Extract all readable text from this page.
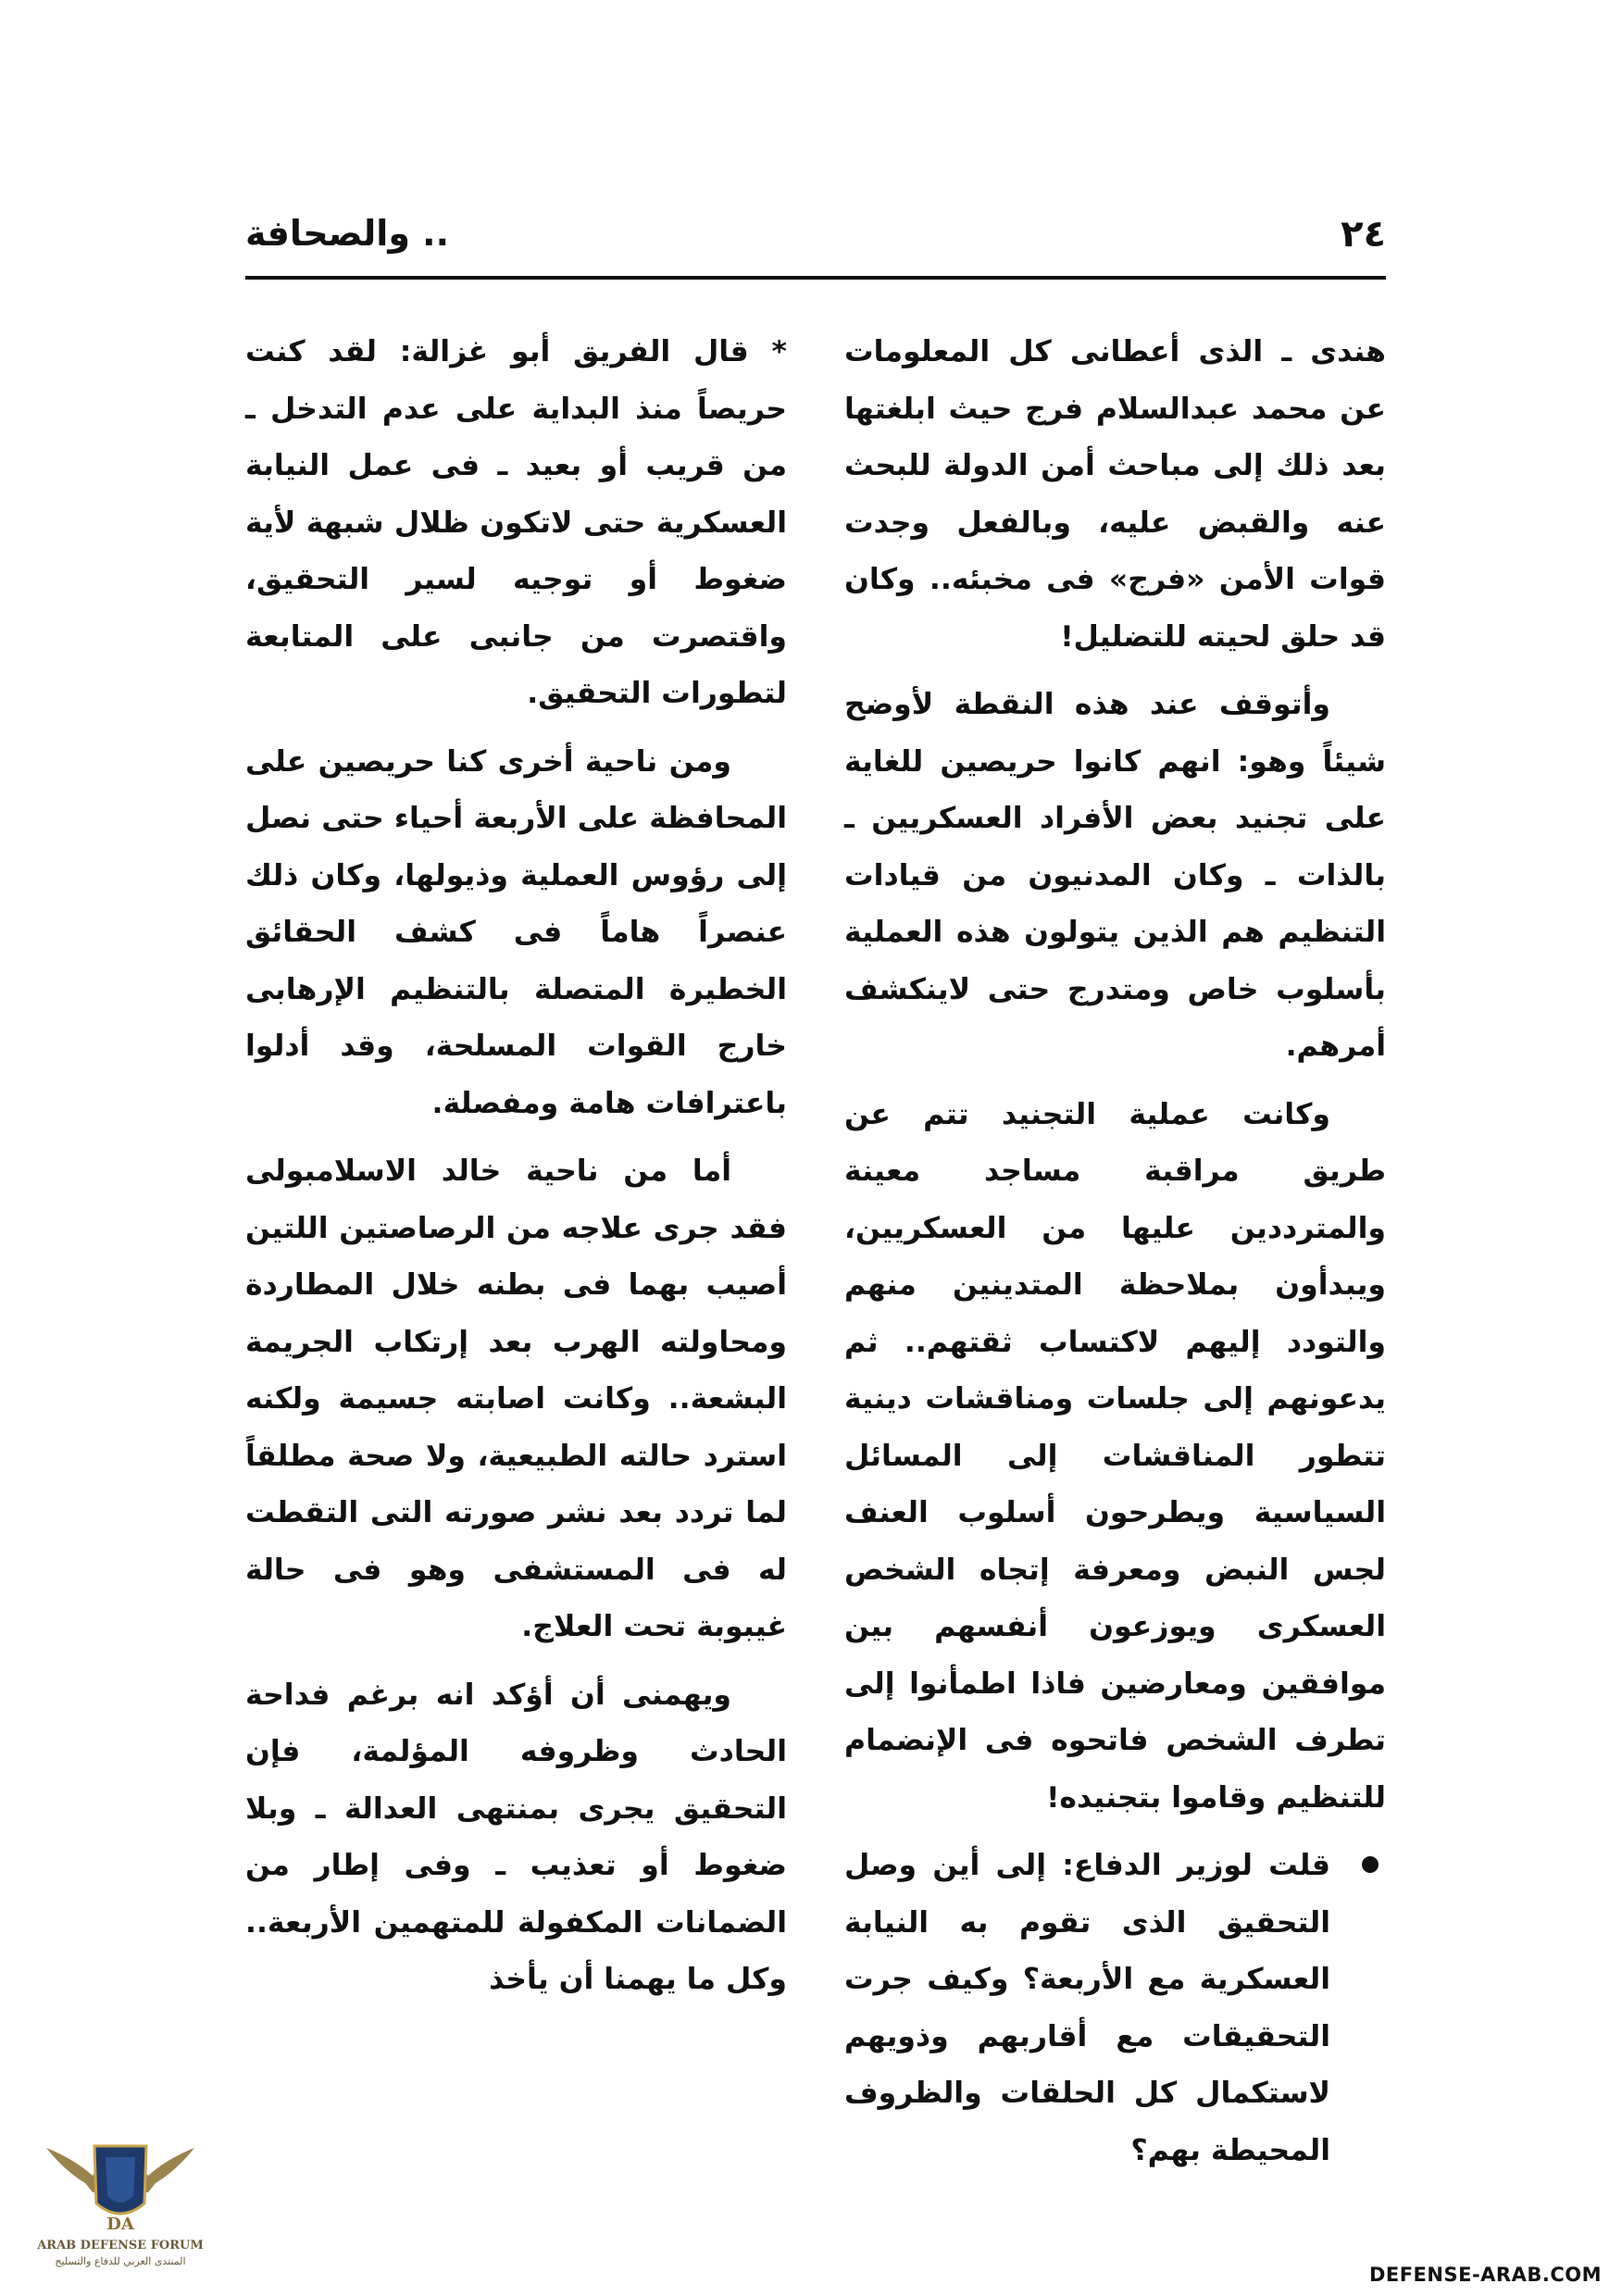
٢٤
.. والصحافة

هندى ـ الذى أعطانى كل المعلومات عن محمد عبدالسلام فرج حيث ابلغتها بعد ذلك إلى مباحث أمن الدولة للبحث عنه والقبض عليه، وبالفعل وجدت قوات الأمن «فرج» فى مخبئه.. وكان قد حلق لحيته للتضليل!

وأتوقف عند هذه النقطة لأوضح شيئاً وهو: انهم كانوا حريصين للغاية على تجنيد بعض الأفراد العسكريين ـ بالذات ـ وكان المدنيون من قيادات التنظيم هم الذين يتولون هذه العملية بأسلوب خاص ومتدرج حتى لاينكشف أمرهم.

وكانت عملية التجنيد تتم عن طريق مراقبة مساجد معينة والمترددين عليها من العسكريين، ويبدأون بملاحظة المتدينين منهم والتودد إليهم لاكتساب ثقتهم.. ثم يدعونهم إلى جلسات ومناقشات دينية تتطور المناقشات إلى المسائل السياسية ويطرحون أسلوب العنف لجس النبض ومعرفة إتجاه الشخص العسكرى ويوزعون أنفسهم بين موافقين ومعارضين فاذا اطمأنوا إلى تطرف الشخص فاتحوه فى الإنضمام للتنظيم وقاموا بتجنيده!

قلت لوزير الدفاع: إلى أين وصل التحقيق الذى تقوم به النيابة العسكرية مع الأربعة؟ وكيف جرت التحقيقات مع أقاربهم وذويهم لاستكمال كل الحلقات والظروف المحيطة بهم؟

* قال الفريق أبو غزالة: لقد كنت حريصاً منذ البداية على عدم التدخل ـ من قريب أو بعيد ـ فى عمل النيابة العسكرية حتى لاتكون ظلال شبهة لأية ضغوط أو توجيه لسير التحقيق، واقتصرت من جانبى على المتابعة لتطورات التحقيق.

ومن ناحية أخرى كنا حريصين على المحافظة على الأربعة أحياء حتى نصل إلى رؤوس العملية وذيولها، وكان ذلك عنصراً هاماً فى كشف الحقائق الخطيرة المتصلة بالتنظيم الإرهابى خارج القوات المسلحة، وقد أدلوا باعترافات هامة ومفصلة.

أما من ناحية خالد الاسلامبولى فقد جرى علاجه من الرصاصتين اللتين أصيب بهما فى بطنه خلال المطاردة ومحاولته الهرب بعد إرتكاب الجريمة البشعة.. وكانت اصابته جسيمة ولكنه استرد حالته الطبيعية، ولا صحة مطلقاً لما تردد بعد نشر صورته التى التقطت له فى المستشفى وهو فى حالة غيبوبة تحت العلاج.

ويهمنى أن أؤكد انه برغم فداحة الحادث وظروفه المؤلمة، فإن التحقيق يجرى بمنتهى العدالة ـ وبلا ضغوط أو تعذيب ـ وفى إطار من الضمانات المكفولة للمتهمين الأربعة.. وكل ما يهمنا أن يأخذ

DA
ARAB DEFENSE FORUM
المنتدى العربي للدفاع والتسليح
DEFENSE-ARAB.COM
